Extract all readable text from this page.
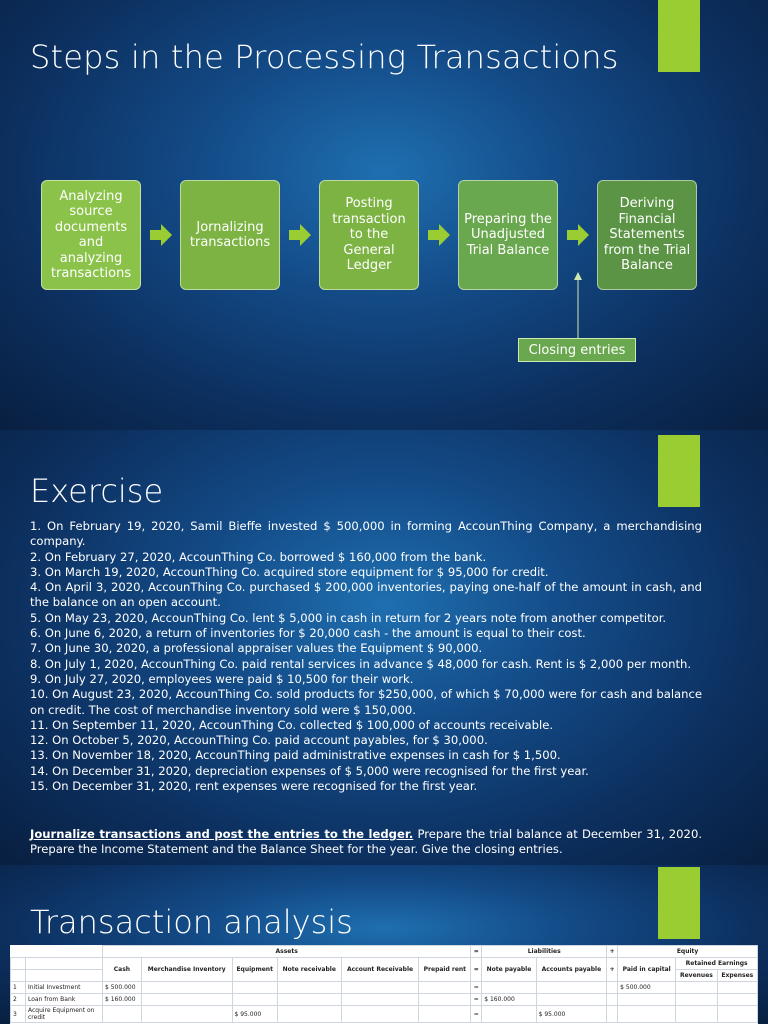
Steps in the Processing Transactions
Analyzing source documents and analyzing transactions
Jornalizing transactions
Posting transaction to the General Ledger
Preparing the Unadjusted Trial Balance
Deriving Financial Statements from the Trial Balance
Closing entries
Exercise

1. On February 19, 2020, Samil Bieffe invested $ 500,000 in forming AccounThing Company, a merchandising company.

2. On February 27, 2020, AccounThing Co. borrowed $ 160,000 from the bank.

3. On March 19, 2020, AccounThing Co. acquired store equipment for $ 95,000 for credit.

4. On April 3, 2020, AccounThing Co. purchased $ 200,000 inventories, paying one-half of the amount in cash, and the balance on an open account.

5. On May 23, 2020, AccounThing Co. lent $ 5,000 in cash in return for 2 years note from another competitor.

6. On June 6, 2020, a return of inventories for $ 20,000 cash - the amount is equal to their cost.

7. On June 30, 2020, a professional appraiser values the Equipment $ 90,000.

8. On July 1, 2020, AccounThing Co. paid rental services in advance $ 48,000 for cash. Rent is $ 2,000 per month.

9. On July 27, 2020, employees were paid $ 10,500 for their work.

10. On August 23, 2020, AccounThing Co. sold products for $250,000, of which $ 70,000 were for cash and balance on credit. The cost of merchandise inventory sold were $ 150,000.

11. On September 11, 2020, AccounThing Co. collected $ 100,000 of accounts receivable.

12. On October 5, 2020, AccounThing Co. paid account payables, for $ 30,000.

13. On November 18, 2020, AccounThing paid administrative expenses in cash for $ 1,500.

14. On December 31, 2020, depreciation expenses of $ 5,000 were recognised for the first year.

15. On December 31, 2020, rent expenses were recognised for the first year.

Journalize transactions and post the entries to the ledger. Prepare the trial balance at December 31, 2020. Prepare the Income Statement and the Balance Sheet for the year. Give the closing entries.
Transaction analysis
		Assets						=	Liabilities		+	Equity		
		Cash	Merchandise Inventory	Equipment	Note receivable	Account Receivable	Prepaid rent	=	Note payable	Accounts payable	+	Paid in capital	Retained Earnings	
													Revenues	Expenses
1	Initial Investment	$ 500.000						=				$ 500.000		
2	Loan from Bank	$ 160.000						=	$ 160.000					
3	Acquire Equipment on credit			$ 95.000				=		$ 95.000				
